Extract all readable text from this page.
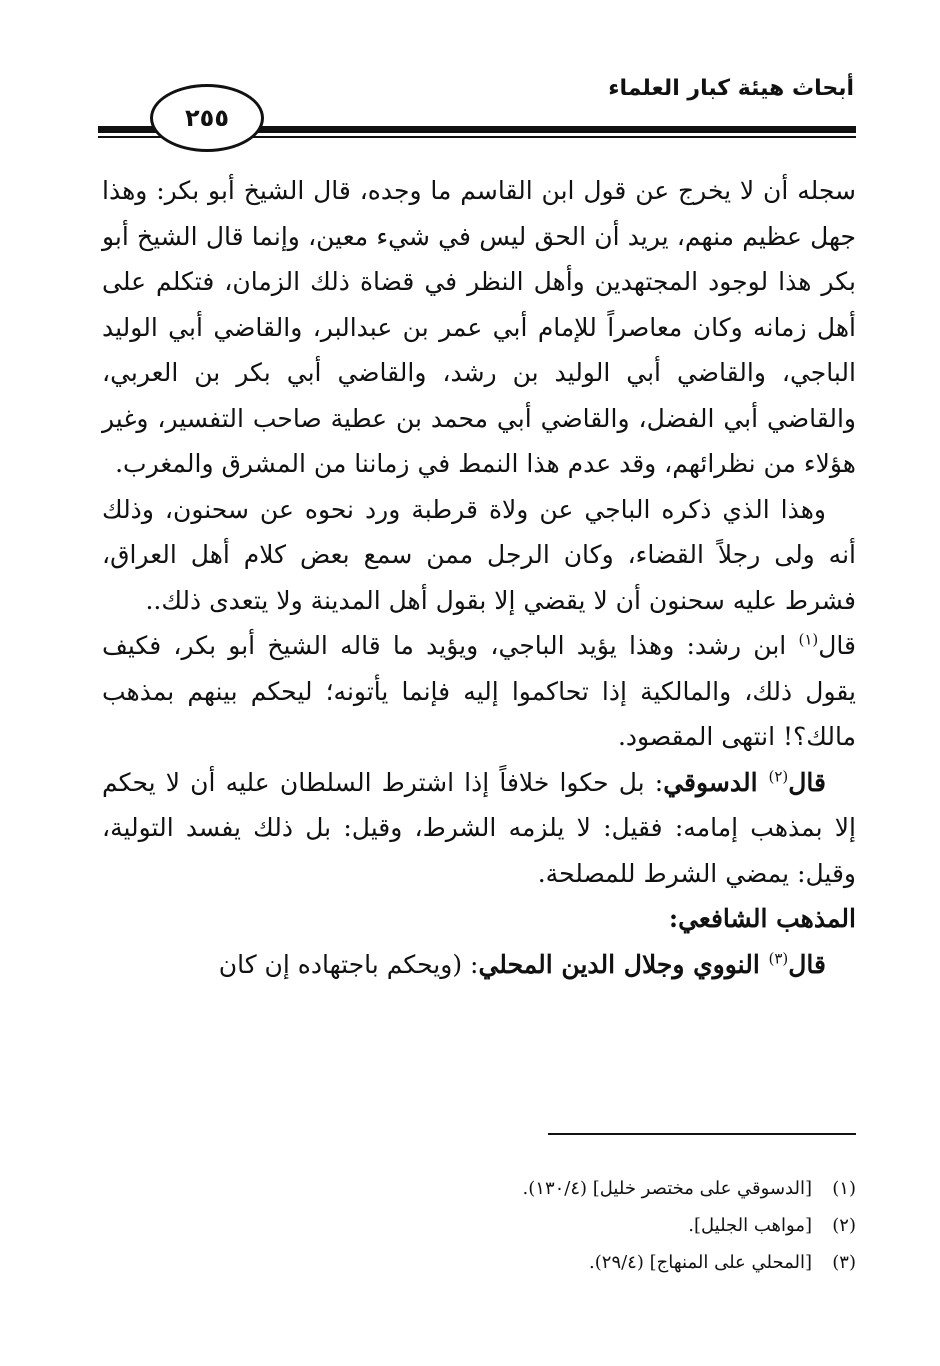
أبحاث هيئة كبار العلماء
٢٥٥

سجله أن لا يخرج عن قول ابن القاسم ما وجده، قال الشيخ أبو بكر: وهذا جهل عظيم منهم، يريد أن الحق ليس في شيء معين، وإنما قال الشيخ أبو بكر هذا لوجود المجتهدين وأهل النظر في قضاة ذلك الزمان، فتكلم على أهل زمانه وكان معاصراً للإمام أبي عمر بن عبدالبر، والقاضي أبي الوليد الباجي، والقاضي أبي الوليد بن رشد، والقاضي أبي بكر بن العربي، والقاضي أبي الفضل، والقاضي أبي محمد بن عطية صاحب التفسير، وغير هؤلاء من نظرائهم، وقد عدم هذا النمط في زماننا من المشرق والمغرب.

وهذا الذي ذكره الباجي عن ولاة قرطبة ورد نحوه عن سحنون، وذلك أنه ولى رجلاً القضاء، وكان الرجل ممن سمع بعض كلام أهل العراق، فشرط عليه سحنون أن لا يقضي إلا بقول أهل المدينة ولا يتعدى ذلك..

قال$^{(١)}$ ابن رشد: وهذا يؤيد الباجي، ويؤيد ما قاله الشيخ أبو بكر، فكيف يقول ذلك، والمالكية إذا تحاكموا إليه فإنما يأتونه؛ ليحكم بينهم بمذهب مالك؟! انتهى المقصود.

قال$^{(٢)}$ الدسوقي: بل حكوا خلافاً إذا اشترط السلطان عليه أن لا يحكم إلا بمذهب إمامه: فقيل: لا يلزمه الشرط، وقيل: بل ذلك يفسد التولية، وقيل: يمضي الشرط للمصلحة.

المذهب الشافعي:

قال$^{(٣)}$ النووي وجلال الدين المحلي: (ويحكم باجتهاده إن كان

(١)[الدسوقي على مختصر خليل] (١٣٠/٤).
(٢)[مواهب الجليل].
(٣)[المحلي على المنهاج] (٢٩/٤).
